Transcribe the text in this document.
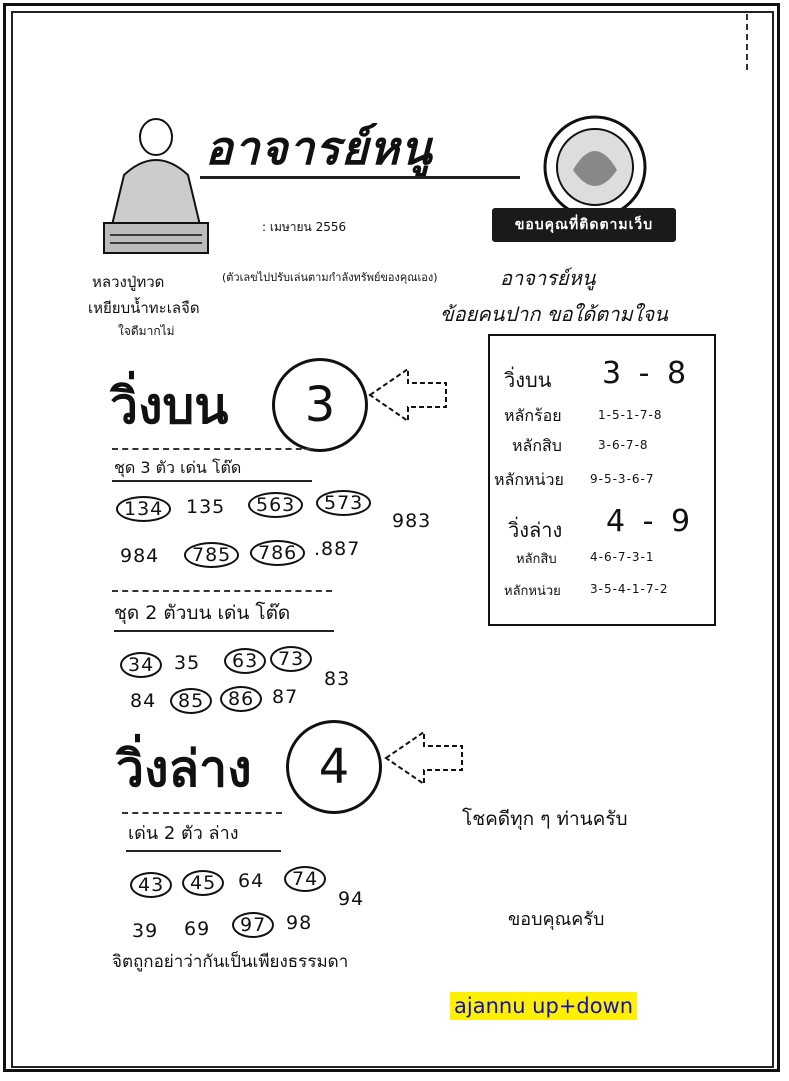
หลวงปู่ทวด
เหยียบน้ำทะเลจืด
ใจดีมากไม่
อาจารย์หนู
: เมษายน 2556
(ตัวเลขไปปรับเล่นตามกำลังทรัพย์ของคุณเอง)
ขอบคุณที่ติดตามเว็บ
อาจารย์หนู
ข้อยคนปาก ขอใด้ตามใจน
วิ่งบน	3
ชุด 3 ตัว เด่น โต๊ด
134	135	563	573
983
984	785	786 .887
ชุด 2 ตัวบน เด่น โต๊ด
34	35	63	73
83
84	85	86 87
วิ่งบน 3 - 8
หลักร้อย	1-5-1-7-8
หลักสิบ	3-6-7-8
หลักหน่วย 9-5-3-6-7
วิ่งล่าง 4 - 9
หลักสิบ	4-6-7-3-1
หลักหน่วย 3-5-4-1-7-2
วิ่งล่าง	4
เด่น 2 ตัว ล่าง
43	45	64	74
94
39 69	97	98
โชคดีทุก ๆ ท่านครับ
ขอบคุณครับ
จิตถูกอย่าว่ากันเป็นเพียงธรรมดา
ajannu up+down
